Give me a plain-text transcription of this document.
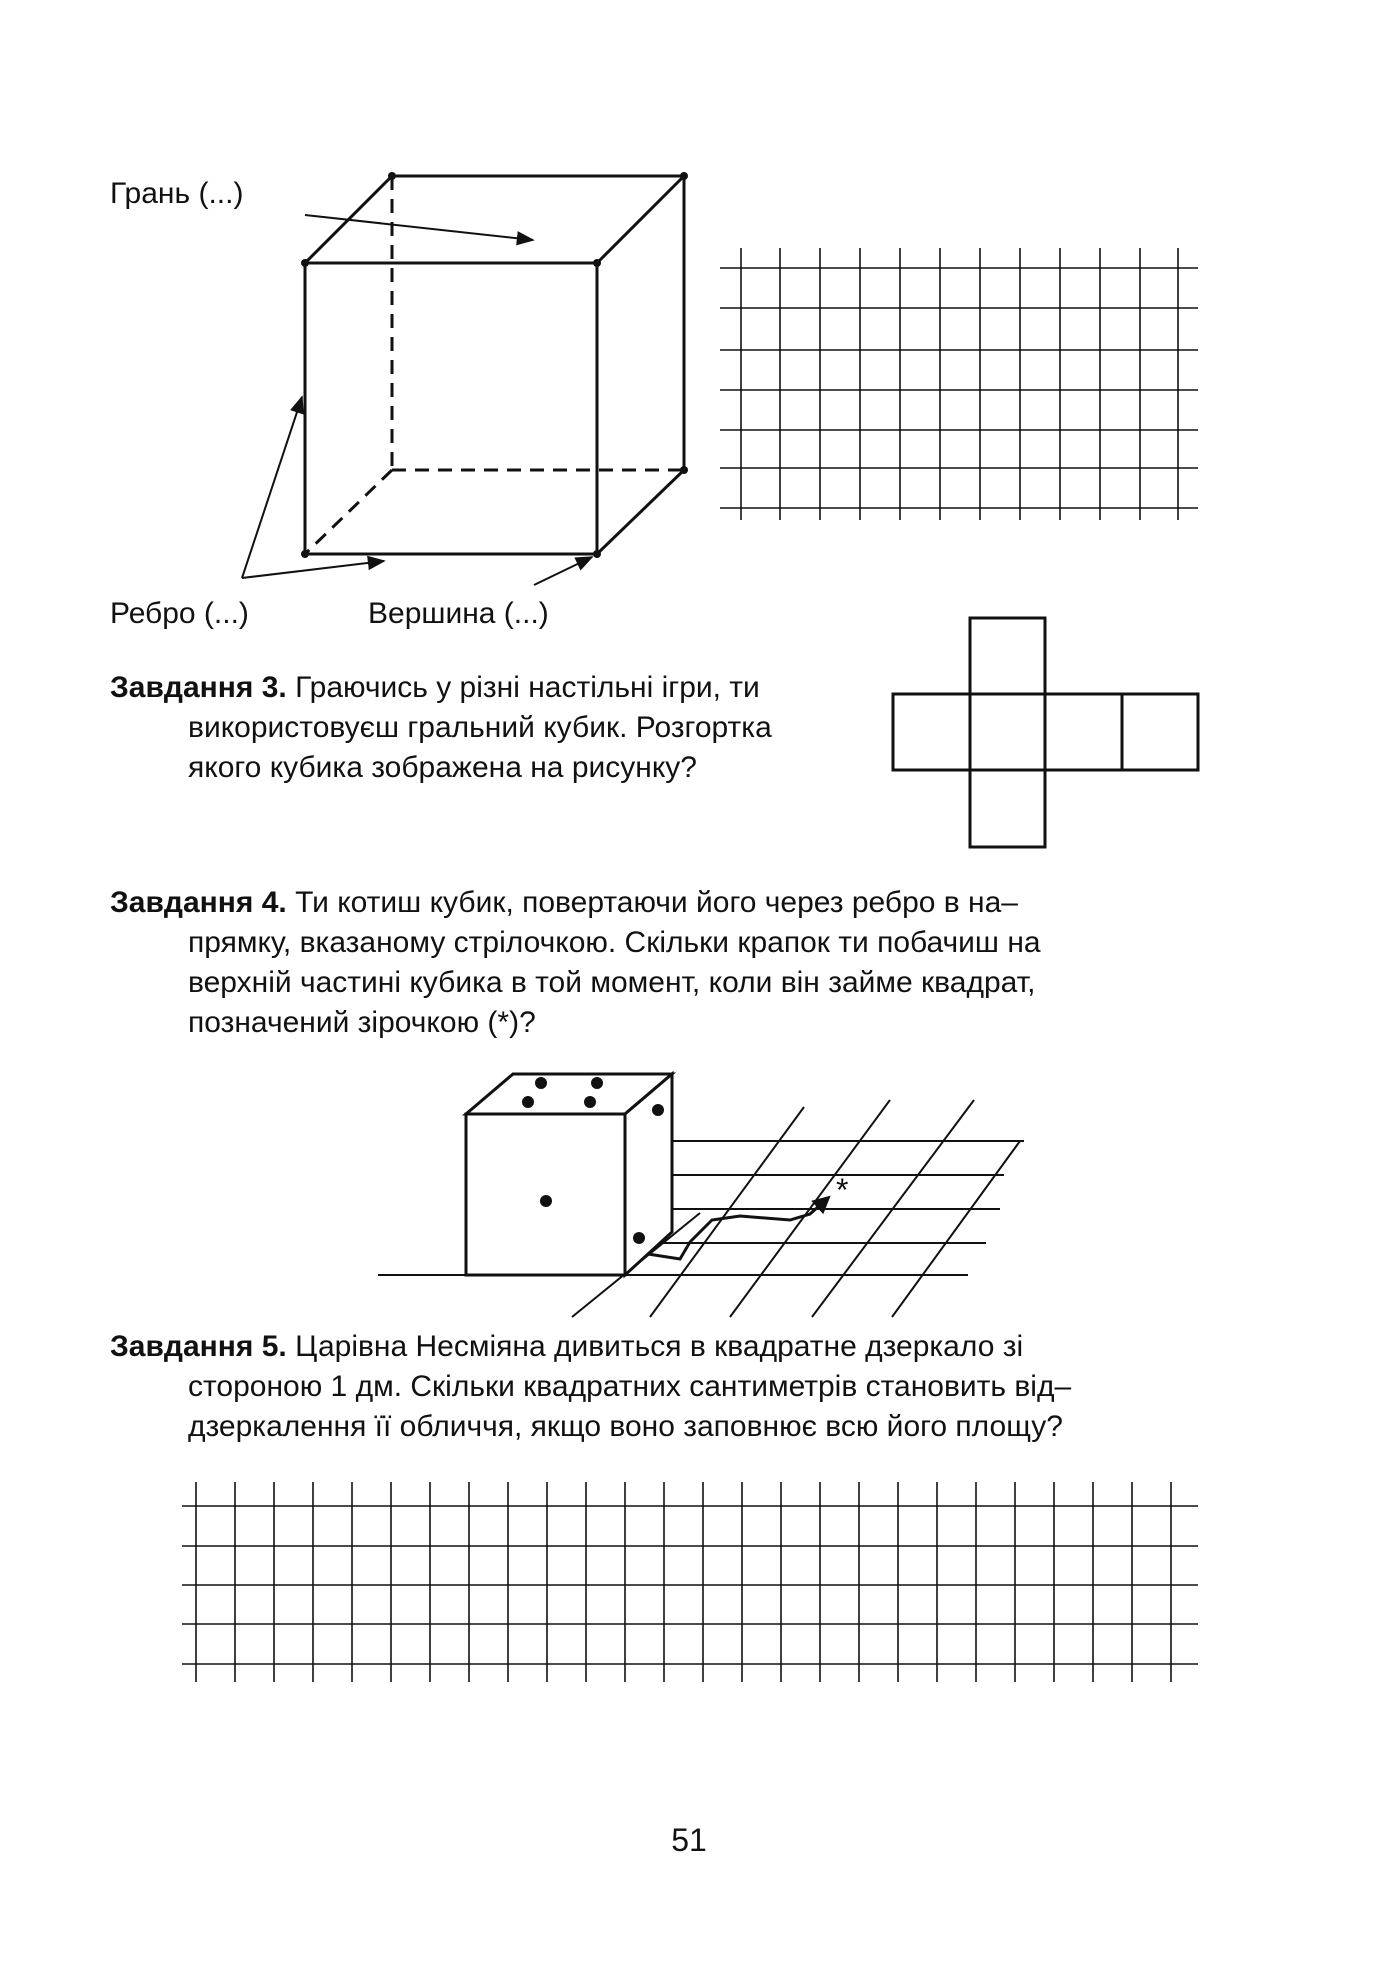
Грань (...)
Ребро (...)	Вершина (...)
*
Завдання 3. Граючись у різні настільні ігри, ти
використовуєш гральний кубик. Розгортка
якого кубика зображена на рисунку?
Завдання 4. Ти котиш кубик, повертаючи його через ребро в на–
прямку, вказаному стрілочкою. Скільки крапок ти побачиш на
верхній частині кубика в той момент, коли він займе квадрат,
позначений зірочкою (*)?
Завдання 5. Царівна Несміяна дивиться в квадратне дзеркало зі
стороною 1 дм. Скільки квадратних сантиметрів становить від–
дзеркалення її обличчя, якщо воно заповнює всю його площу?
51
